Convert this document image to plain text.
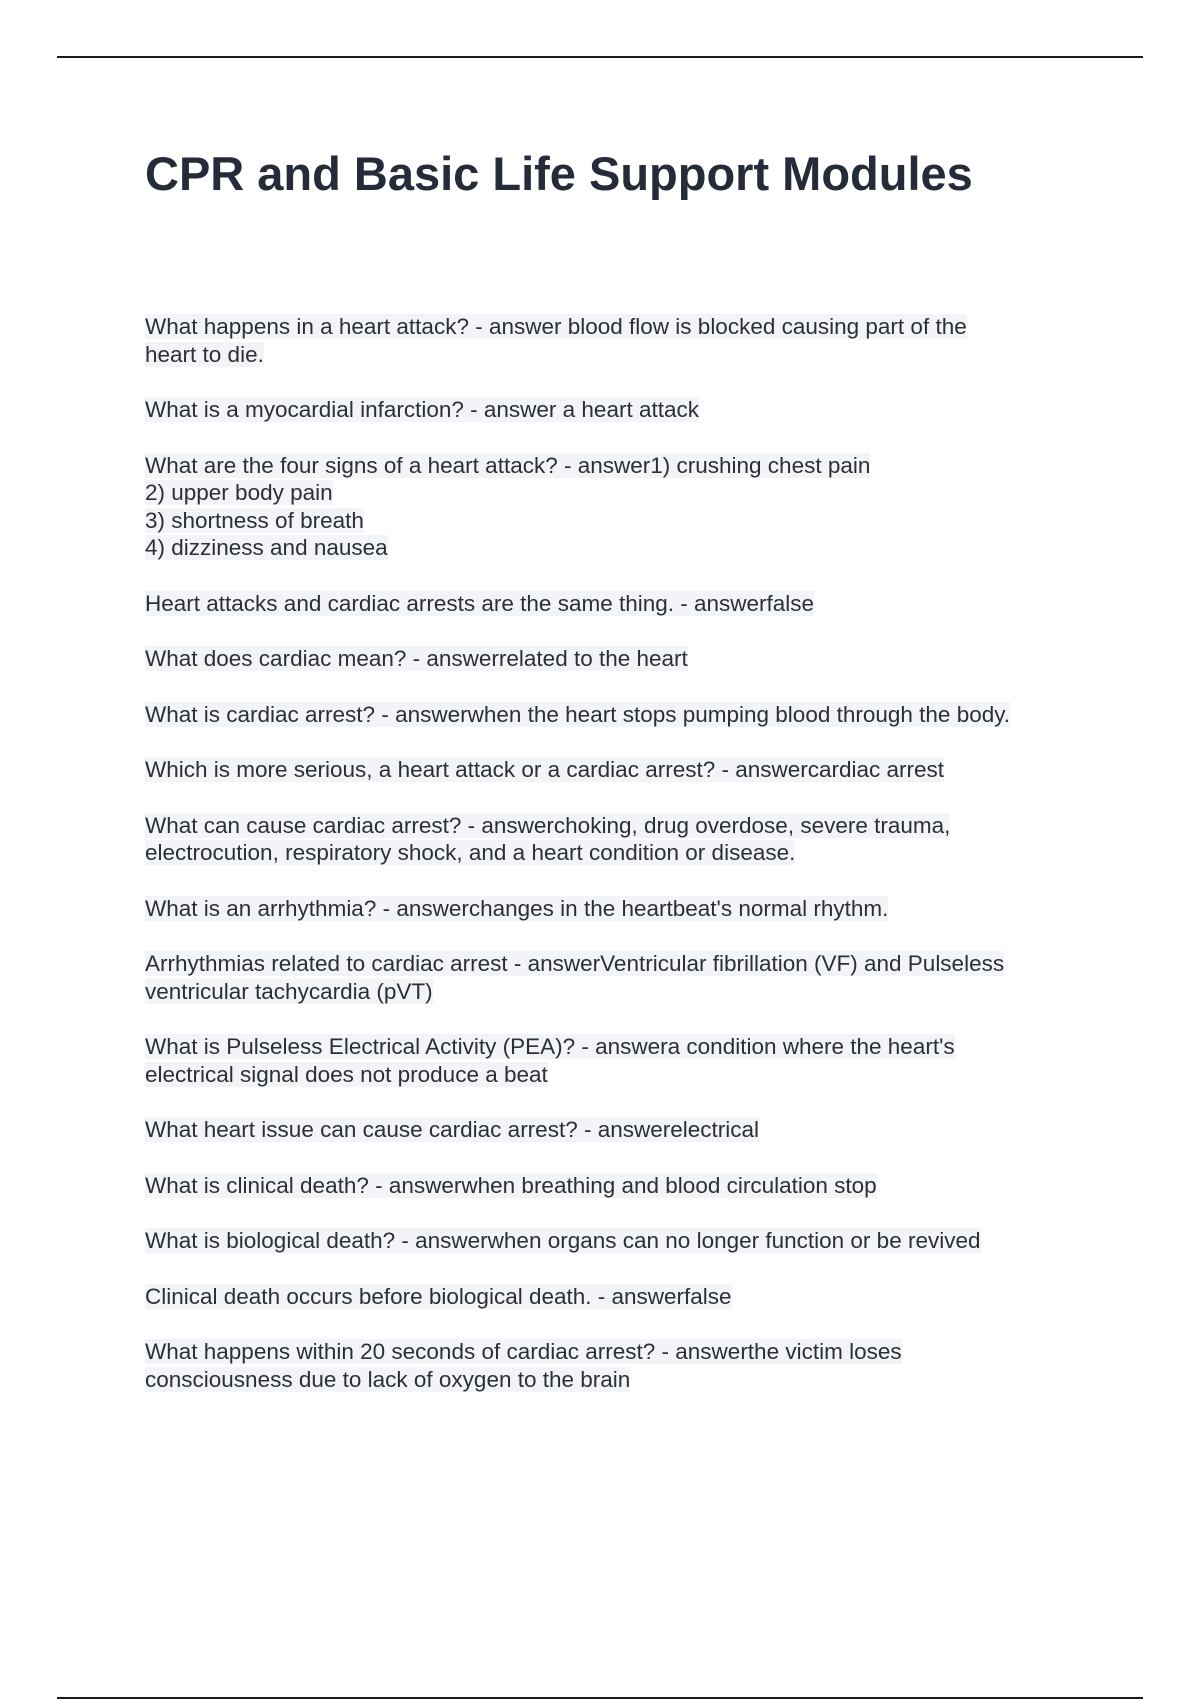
CPR and Basic Life Support Modules
What happens in a heart attack? - answer blood flow is blocked causing part of the
heart to die.
What is a myocardial infarction? - answer a heart attack
What are the four signs of a heart attack? - answer1) crushing chest pain
2) upper body pain
3) shortness of breath
4) dizziness and nausea
Heart attacks and cardiac arrests are the same thing. - answerfalse
What does cardiac mean? - answerrelated to the heart
What is cardiac arrest? - answerwhen the heart stops pumping blood through the body.
Which is more serious, a heart attack or a cardiac arrest? - answercardiac arrest
What can cause cardiac arrest? - answerchoking, drug overdose, severe trauma,
electrocution, respiratory shock, and a heart condition or disease.
What is an arrhythmia? - answerchanges in the heartbeat's normal rhythm.
Arrhythmias related to cardiac arrest - answerVentricular fibrillation (VF) and Pulseless
ventricular tachycardia (pVT)
What is Pulseless Electrical Activity (PEA)? - answera condition where the heart's
electrical signal does not produce a beat
What heart issue can cause cardiac arrest? - answerelectrical
What is clinical death? - answerwhen breathing and blood circulation stop
What is biological death? - answerwhen organs can no longer function or be revived
Clinical death occurs before biological death. - answerfalse
What happens within 20 seconds of cardiac arrest? - answerthe victim loses
consciousness due to lack of oxygen to the brain
